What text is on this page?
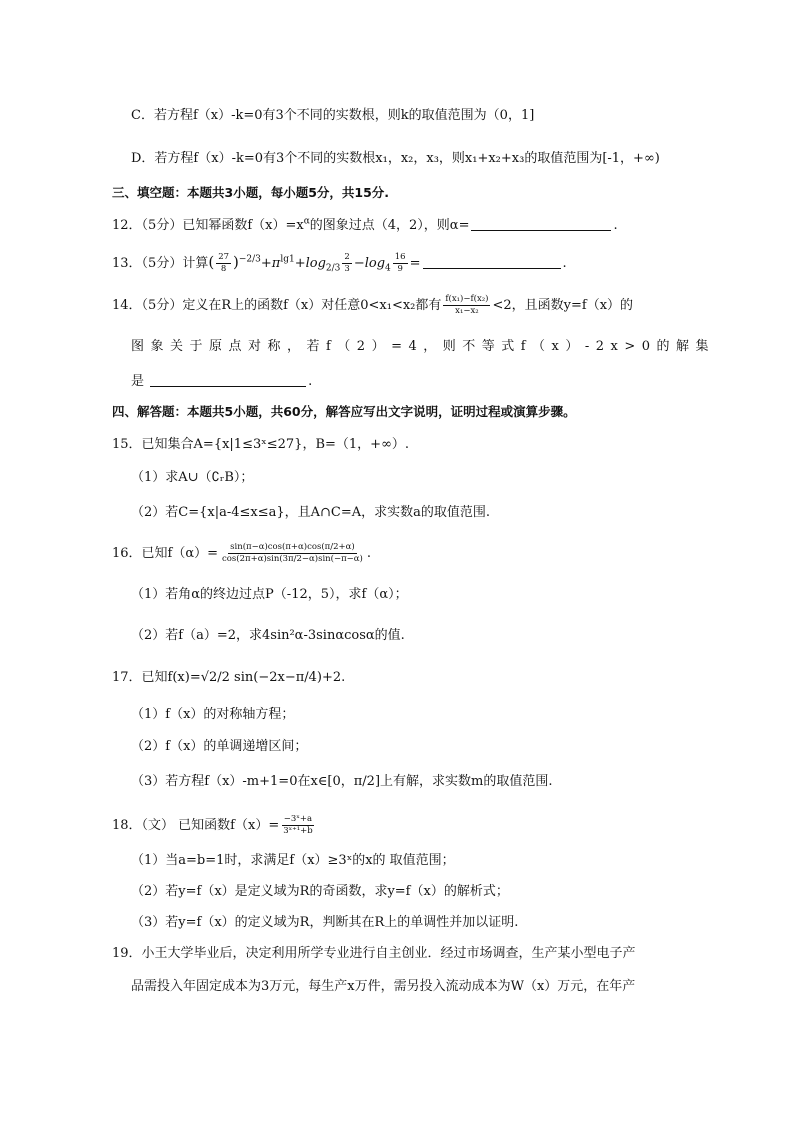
C．若方程f（x）-k=0有3个不同的实数根，则k的取值范围为（0，1]
D．若方程f（x）-k=0有3个不同的实数根x₁，x₂，x₃，则x₁+x₂+x₃的取值范围为[-1，+∞)
三、填空题：本题共3小题，每小题5分，共15分.
12．（5分）已知幂函数$f(x)=x^\alpha$的图象过点（4，2），则α=	.
13．（5分）计算( $\frac{27}{8} )^{-2/3}+\pi^{lg1}+\log_{2/3} \frac{2}{3} -\log_4 \frac{16}{9}$ =	.
14．（5分）定义在R上的函数f（x）对任意0<x₁<x₂都有 $\frac{\text{f(x₁)−f(x₂)}}{\text{x₁−x₂}} <2$，且函数y=f（x）的
图象关于原点对称，若f（2）=4，则不等式f（x）-2x>0的解集
是	.
四、解答题：本题共5小题，共60分，解答应写出文字说明，证明过程或演算步骤。
15．已知集合A={x|1≤3ˣ≤27}，B=（1，+∞）.
（1）求A∪（∁ᵣB）；
（2）若C={x|a-4≤x≤a}，且A∩C=A，求实数a的取值范围.
16．已知$f(\alpha)= \frac{\sin(\pi-\alpha)\cos(\pi+\alpha)\cos(\pi/2+\alpha)}{\cos(2\pi+\alpha)\sin(3\pi/2-\alpha)\sin(-\pi-\alpha)}$ .
（1）若角α的终边过点P（-12，5），求f（α）；
（2）若f（a）=2，求4sin²α-3sinαcosα的值.
17．已知f(x)=√2/2 sin(−2x−π/4)+2.
（1）f（x）的对称轴方程；
（2）f（x）的单调递增区间；
（3）若方程f（x）-m+1=0在x∈[0，π/2]上有解，求实数m的取值范围.
18．（文） 已知函数$f(x)= \frac{\text{−3ˣ+a}}{\text{3ˣ⁺¹+b}}$
（1）当a=b=1时，求满足f（x）≥3ˣ的x的 取值范围；
（2）若y=f（x）是定义域为R的奇函数，求y=f（x）的解析式；
（3）若y=f（x）的定义域为R，判断其在R上的单调性并加以证明.
19．小王大学毕业后，决定利用所学专业进行自主创业．经过市场调查，生产某小型电子产
品需投入年固定成本为3万元，每生产x万件，需另投入流动成本为W（x）万元，在年产
